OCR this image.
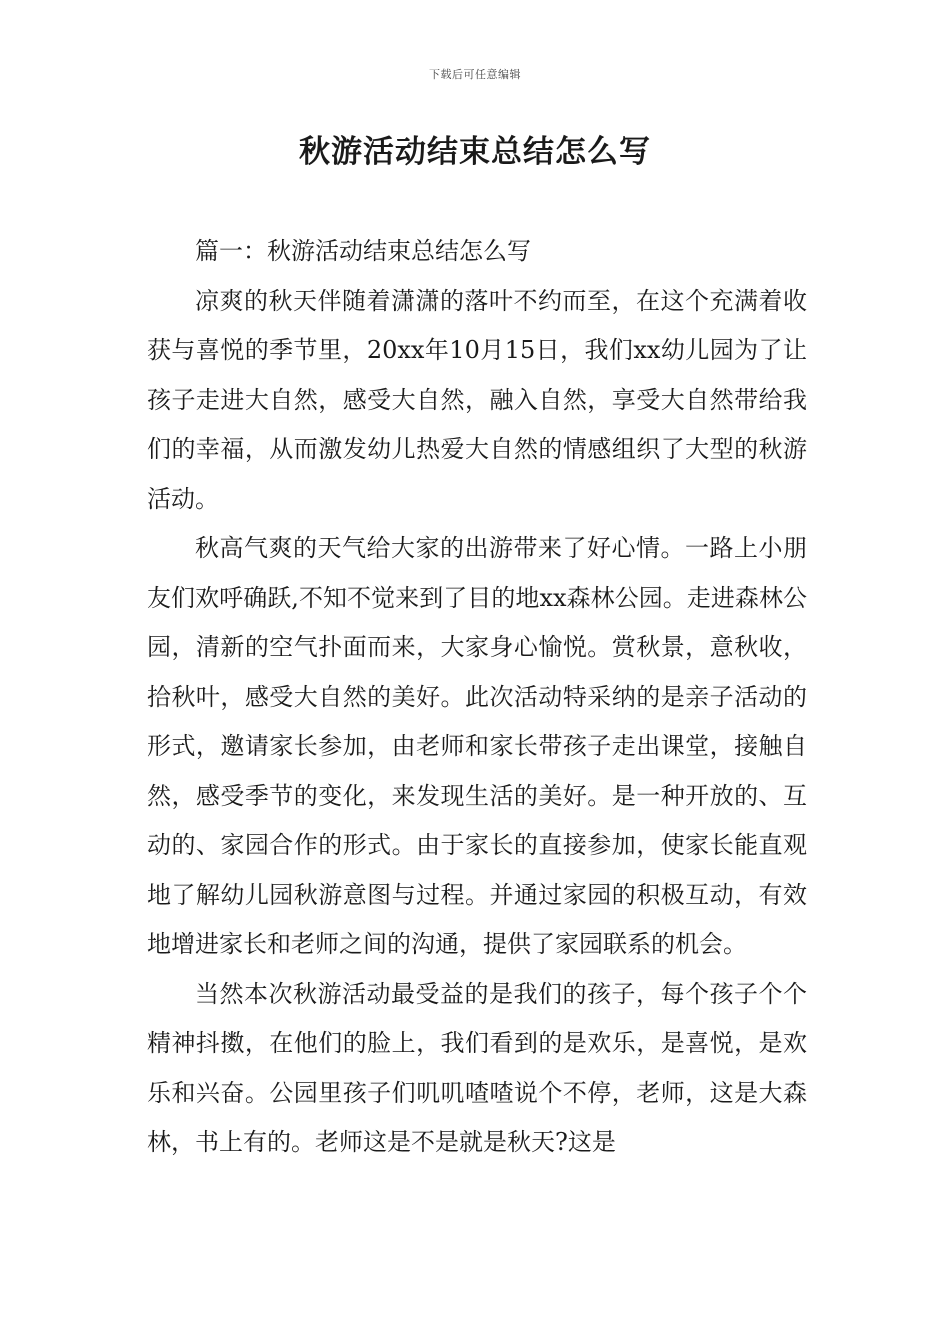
下载后可任意编辑
秋游活动结束总结怎么写

篇一：秋游活动结束总结怎么写

凉爽的秋天伴随着潇潇的落叶不约而至，在这个充满着收获与喜悦的季节里，20xx年10月15日，我们xx幼儿园为了让孩子走进大自然，感受大自然，融入自然，享受大自然带给我们的幸福，从而激发幼儿热爱大自然的情感组织了大型的秋游活动。

秋高气爽的天气给大家的出游带来了好心情。一路上小朋友们欢呼确跃,不知不觉来到了目的地xx森林公园。走进森林公园，清新的空气扑面而来，大家身心愉悦。赏秋景，意秋收，拾秋叶，感受大自然的美好。此次活动特采纳的是亲子活动的形式，邀请家长参加，由老师和家长带孩子走出课堂，接触自然，感受季节的变化，来发现生活的美好。是一种开放的、互动的、家园合作的形式。由于家长的直接参加，使家长能直观地了解幼儿园秋游意图与过程。并通过家园的积极互动，有效地增进家长和老师之间的沟通，提供了家园联系的机会。

当然本次秋游活动最受益的是我们的孩子，每个孩子个个精神抖擞，在他们的脸上，我们看到的是欢乐，是喜悦，是欢乐和兴奋。公园里孩子们叽叽喳喳说个不停，老师，这是大森林，书上有的。老师这是不是就是秋天?这是
